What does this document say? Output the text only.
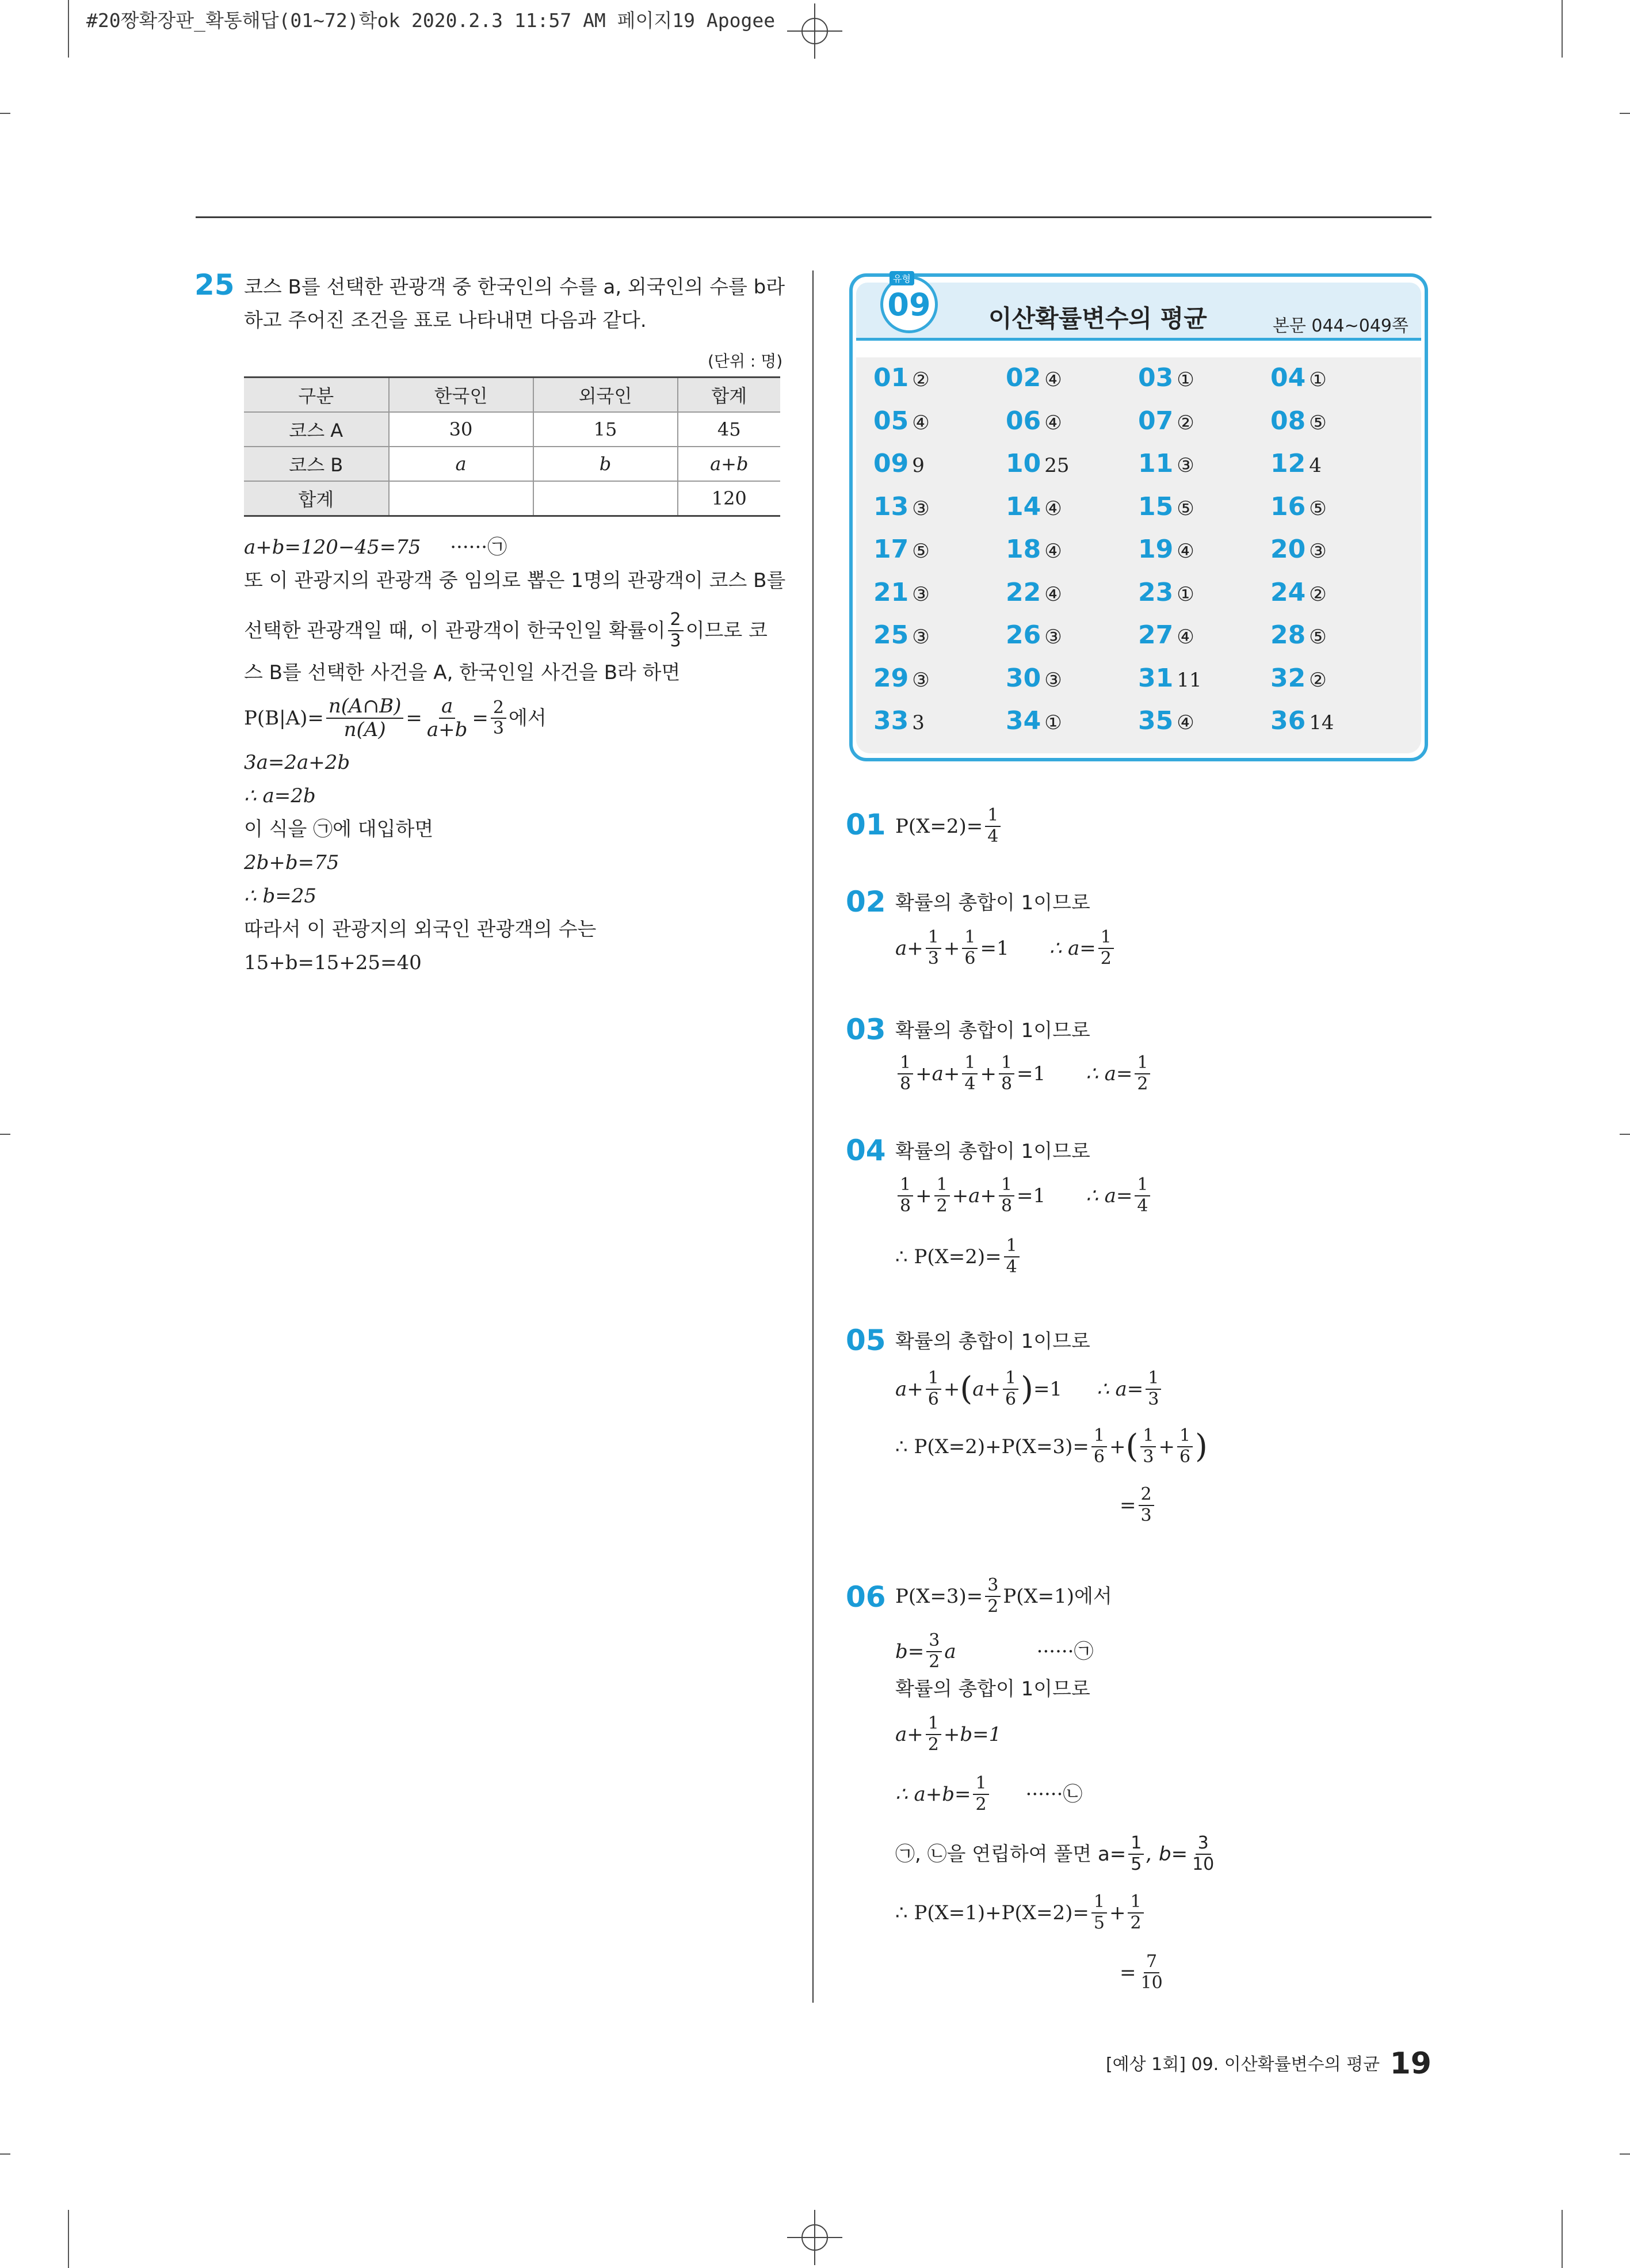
#20짱확장판_확통해답(01~72)학ok 2020.2.3 11:57 AM 페이지19 Apogee
25 코스 B를 선택한 관광객 중 한국인의 수를 a, 외국인의 수를 b라
하고 주어진 조건을 표로 나타내면 다음과 같다.
(단위 : 명)
구분	한국인	외국인	합계
코스 A	30	15	45
코스 B	a	b	a+b
합계			120
a+b=120−45=75 ······㉠
또 이 관광지의 관광객 중 임의로 뽑은 1명의 관광객이 코스 B를
선택한 관광객일 때, 이 관광객이 한국인일 확률이 $\frac{2}{3}$ 이므로 코
스 B를 선택한 사건을 A, 한국인일 사건을 B라 하면
$P(B|A)= \frac{n(A\cap B)}{n(A)} = \frac{a}{a+b} = \frac{2}{3}$ 에서
3a=2a+2b
∴ a=2b
이 식을 ㉠에 대입하면
2b+b=75
∴ b=25
따라서 이 관광지의 외국인 관광객의 수는
15+b=15+25=40
09
유형
이산확률변수의 평균	본문 044~049쪽
01 ②	02 ④	03 ①	04 ①
05 ④	06 ④	07 ②	08 ⑤
09 9	10 25	11 ③	12 4
13 ③	14 ④	15 ⑤	16 ⑤
17 ⑤	18 ④	19 ④	20 ③
21 ③	22 ④	23 ①	24 ②
25 ③	26 ③	27 ④	28 ⑤
29 ③	30 ③	31 11	32 ②
33 3	34 ①	35 ④	36 14
01 $P(X=2)= \frac{1}{4}$
02 확률의 총합이 1이므로
$a+ \frac{1}{3} + \frac{1}{6} =1$ ∴ $a= \frac{1}{2}$
03 확률의 총합이 1이므로
$\frac{1}{8} +a+ \frac{1}{4} + \frac{1}{8} =1$ ∴ $a= \frac{1}{2}$
04 확률의 총합이 1이므로
$\frac{1}{8} + \frac{1}{2} +a+ \frac{1}{8} =1$ ∴ $a= \frac{1}{4}$
∴ $P(X=2)= \frac{1}{4}$
05 확률의 총합이 1이므로
$a+ \frac{1}{6}$ + ( $a+ \frac{1}{6}$ ) =1 ∴ $a= \frac{1}{3}$
∴ $P(X=2)+P(X=3)= \frac{1}{6}$ + ( $\frac{1}{3} + \frac{1}{6}$ )
= $\frac{2}{3}$
06 $P(X=3)= \frac{3}{2} P(X=1)$에서
$b= \frac{3}{2}$ a	······㉠
확률의 총합이 1이므로
$a+ \frac{1}{2} +b=1$
∴ $a+b= \frac{1}{2}$ ······㉡
㉠, ㉡을 연립하여 풀면 $a= \frac{1}{5}$ , $b= \frac{3}{10}$
∴ $P(X=1)+P(X=2)= \frac{1}{5} + \frac{1}{2}$
= $\frac{7}{10}$
[예상 1회] 09. 이산확률변수의 평균 19
